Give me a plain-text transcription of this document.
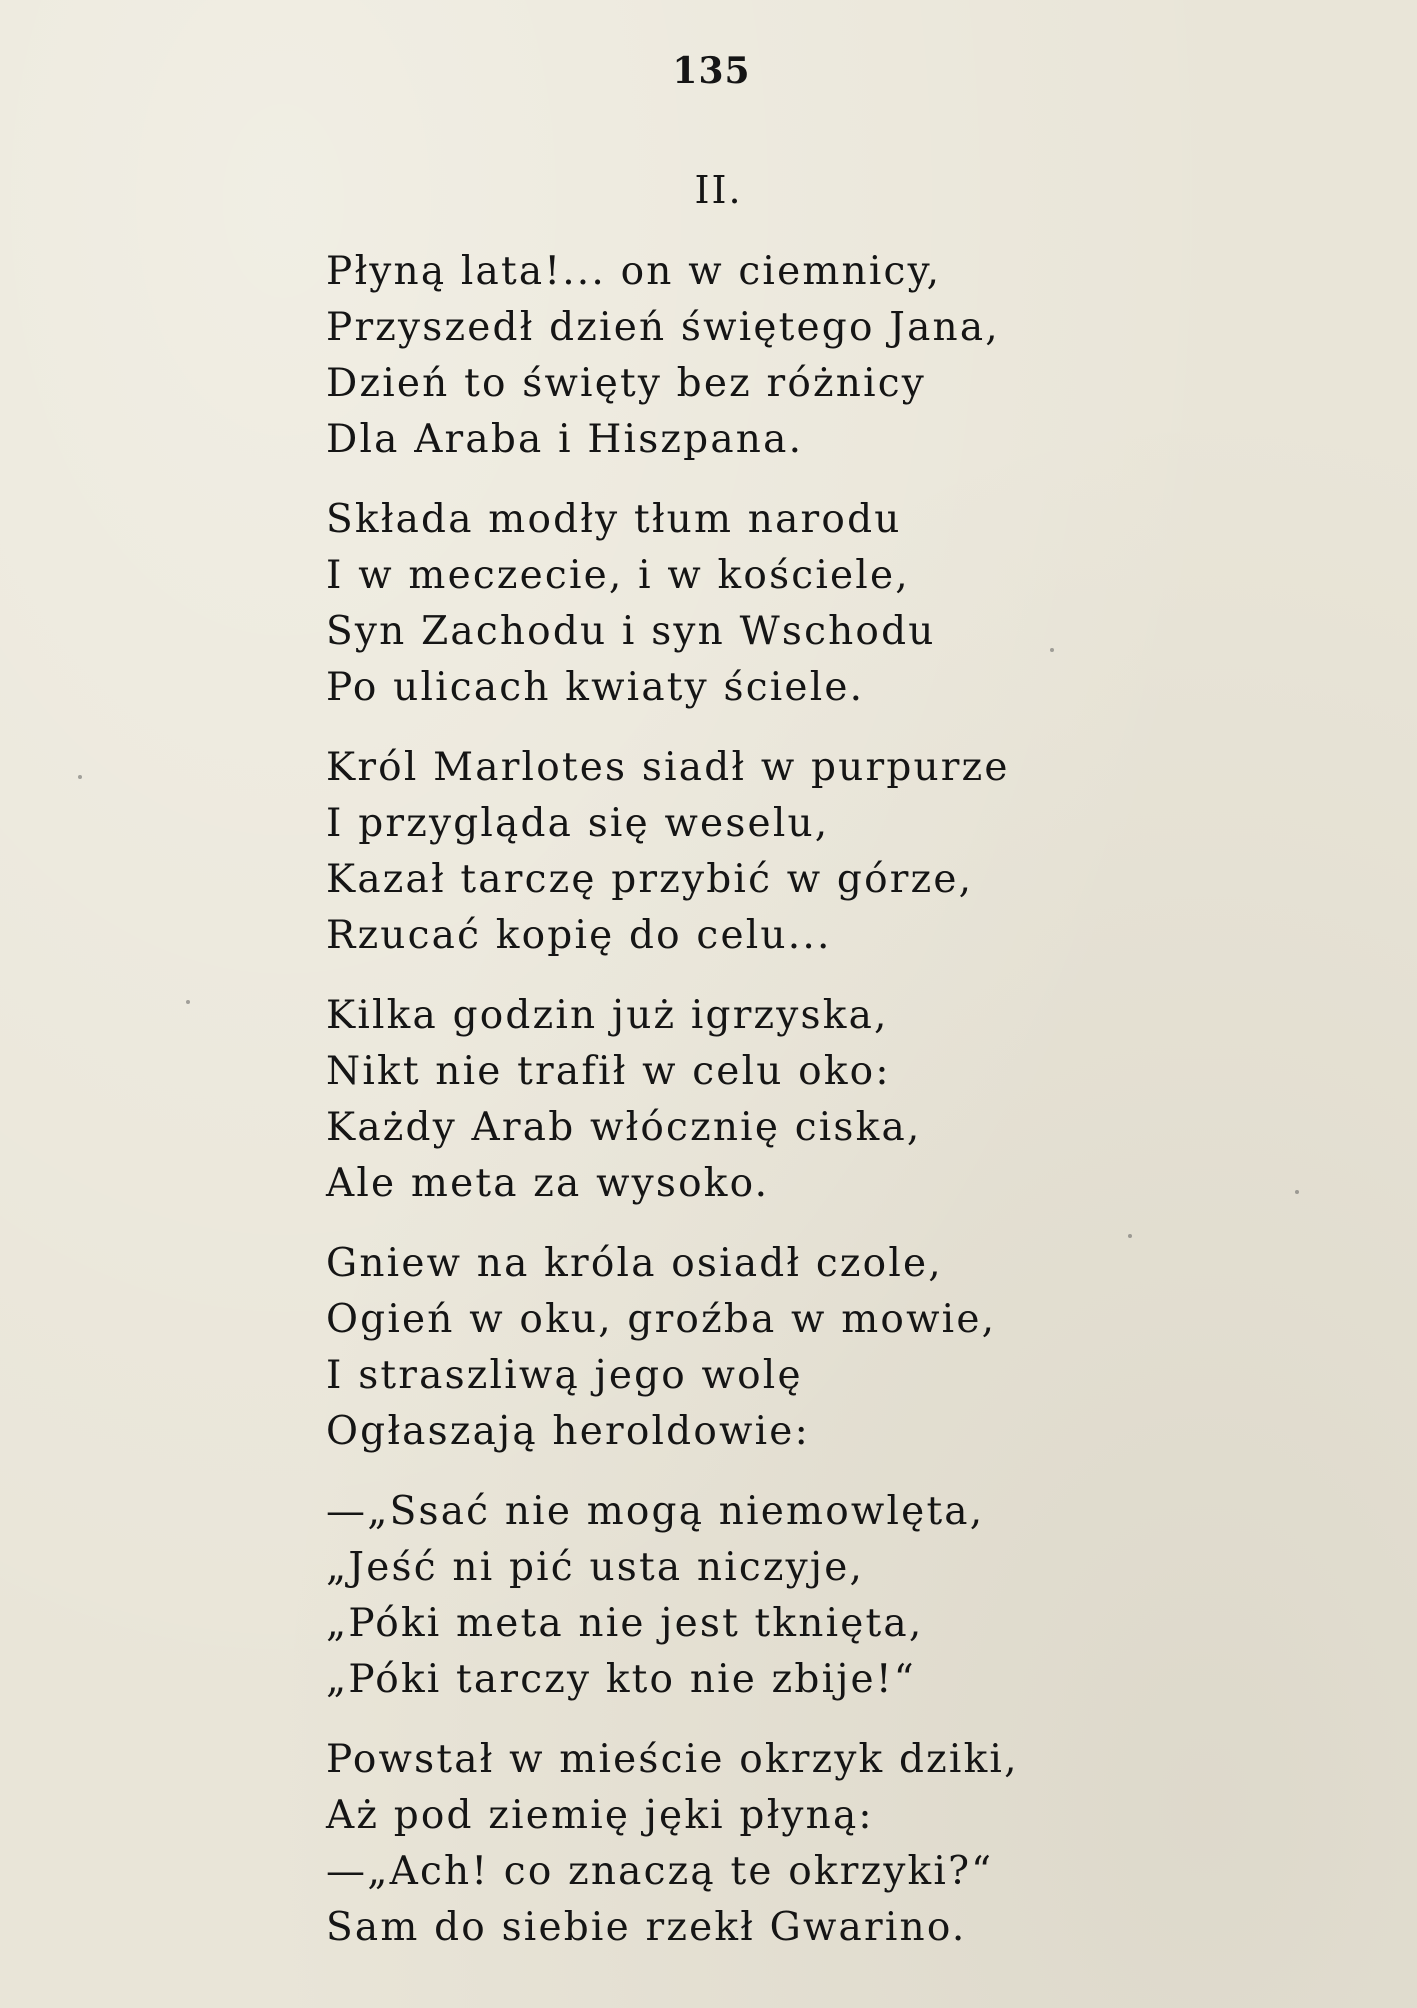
135
II.
Płyną lata!... on w ciemnicy,
Przyszedł dzień świętego Jana,
Dzień to święty bez różnicy
Dla Araba i Hiszpana.
Składa modły tłum narodu
I w meczecie, i w kościele,
Syn Zachodu i syn Wschodu
Po ulicach kwiaty ściele.
Król Marlotes siadł w purpurze
I przygląda się weselu,
Kazał tarczę przybić w górze,
Rzucać kopię do celu...
Kilka godzin już igrzyska,
Nikt nie trafił w celu oko:
Każdy Arab włócznię ciska,
Ale meta za wysoko.
Gniew na króla osiadł czole,
Ogień w oku, groźba w mowie,
I straszliwą jego wolę
Ogłaszają heroldowie:
—„Ssać nie mogą niemowlęta,
„Jeść ni pić usta niczyje,
„Póki meta nie jest tknięta,
„Póki tarczy kto nie zbije!“
Powstał w mieście okrzyk dziki,
Aż pod ziemię jęki płyną:
—„Ach! co znaczą te okrzyki?“
Sam do siebie rzekł Gwarino.
